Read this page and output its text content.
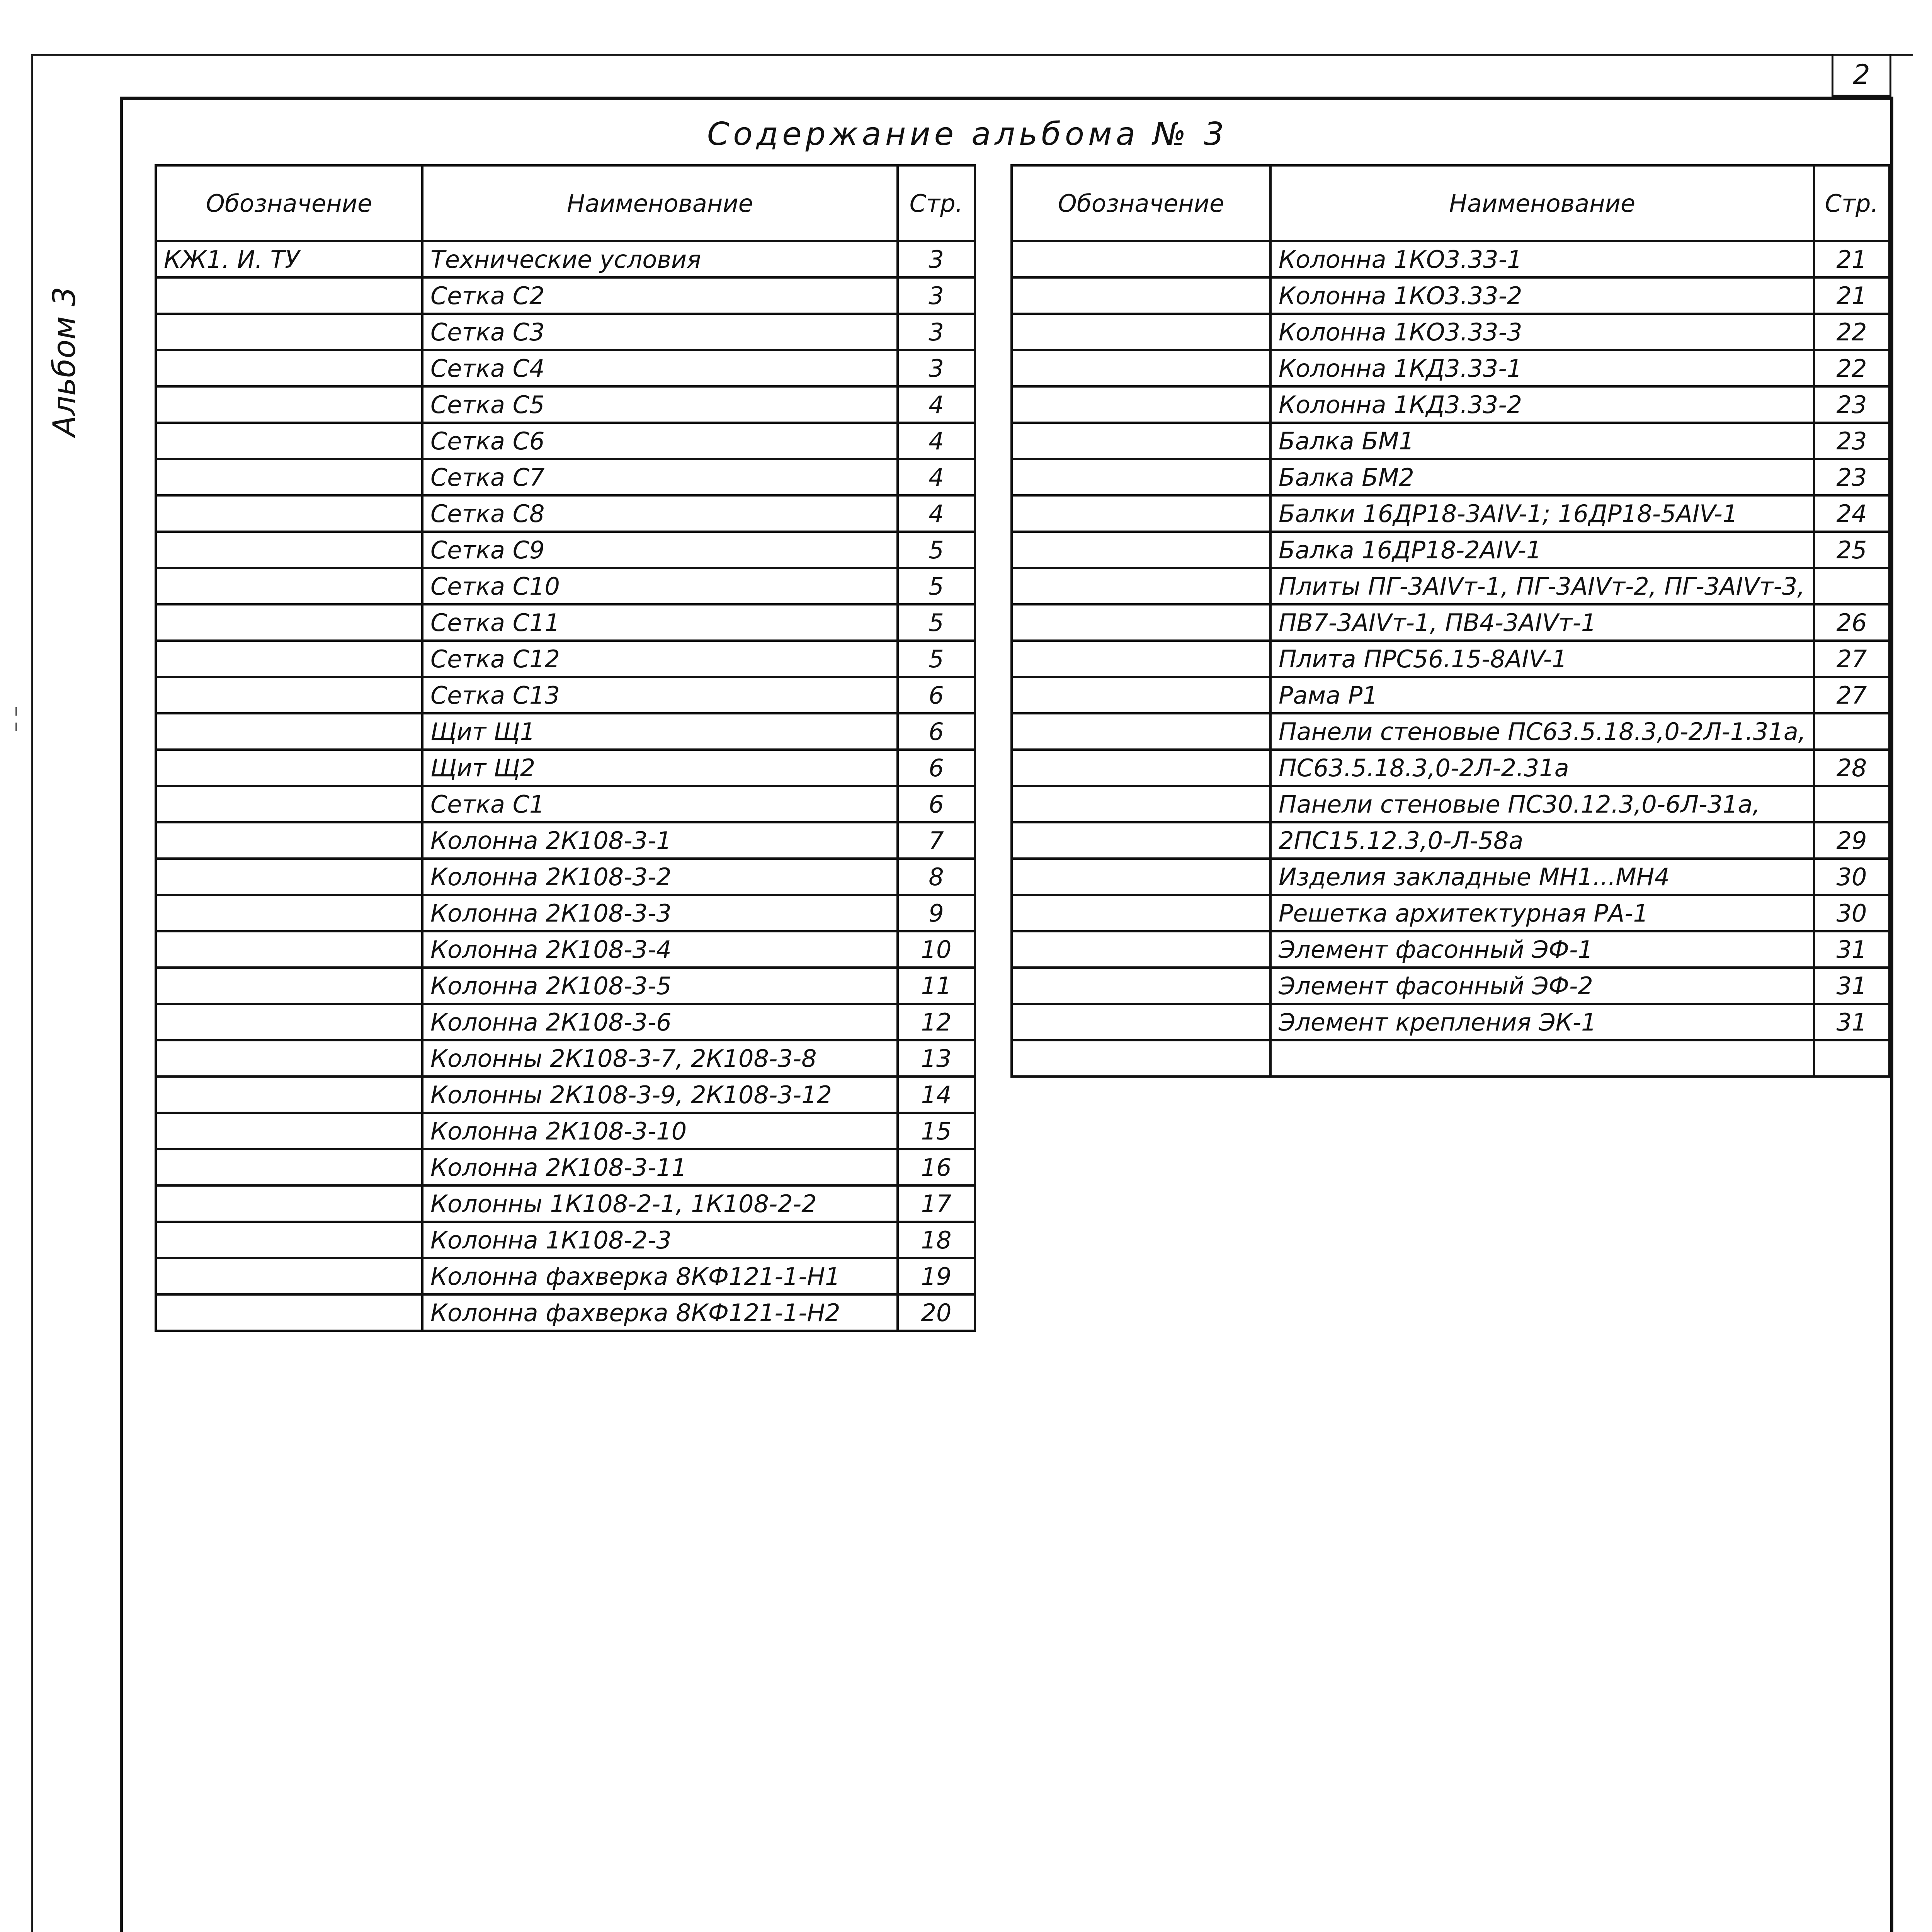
2
Альбом 3
Содержание альбома № 3
Обозначение	Наименование	Стр.
КЖ1. И. ТУ	Технические условия	3
	Сетка С2	3
	Сетка С3	3
	Сетка С4	3
	Сетка С5	4
	Сетка С6	4
	Сетка С7	4
	Сетка С8	4
	Сетка С9	5
	Сетка С10	5
	Сетка С11	5
	Сетка С12	5
	Сетка С13	6
	Щит Щ1	6
	Щит Щ2	6
	Сетка С1	6
	Колонна 2К108-3-1	7
	Колонна 2К108-3-2	8
	Колонна 2К108-3-3	9
	Колонна 2К108-3-4	10
	Колонна 2К108-3-5	11
	Колонна 2К108-3-6	12
	Колонны 2К108-3-7, 2К108-3-8	13
	Колонны 2К108-3-9, 2К108-3-12	14
	Колонна 2К108-3-10	15
	Колонна 2К108-3-11	16
	Колонны 1К108-2-1, 1К108-2-2	17
	Колонна 1К108-2-3	18
	Колонна фахверка 8КФ121-1-Н1	19
	Колонна фахверка 8КФ121-1-Н2	20
Обозначение	Наименование	Стр.
	Колонна 1КО3.33-1	21
	Колонна 1КО3.33-2	21
	Колонна 1КО3.33-3	22
	Колонна 1КД3.33-1	22
	Колонна 1КД3.33-2	23
	Балка БМ1	23
	Балка БМ2	23
	Балки 16ДР18-3АIV-1; 16ДР18-5АIV-1	24
	Балка 16ДР18-2АIV-1	25
	Плиты ПГ-3АIVт-1, ПГ-3АIVт-2, ПГ-3АIVт-3,	
	ПВ7-3АIVт-1, ПВ4-3АIVт-1	26
	Плита ПРС56.15-8АIV-1	27
	Рама Р1	27
	Панели стеновые ПС63.5.18.3,0-2Л-1.31а,	
	ПС63.5.18.3,0-2Л-2.31а	28
	Панели стеновые ПС30.12.3,0-6Л-31а,	
	2ПС15.12.3,0-Л-58а	29
	Изделия закладные МН1...МН4	30
	Решетка архитектурная РА-1	30
	Элемент фасонный ЭФ-1	31
	Элемент фасонный ЭФ-2	31
	Элемент крепления ЭК-1	31
